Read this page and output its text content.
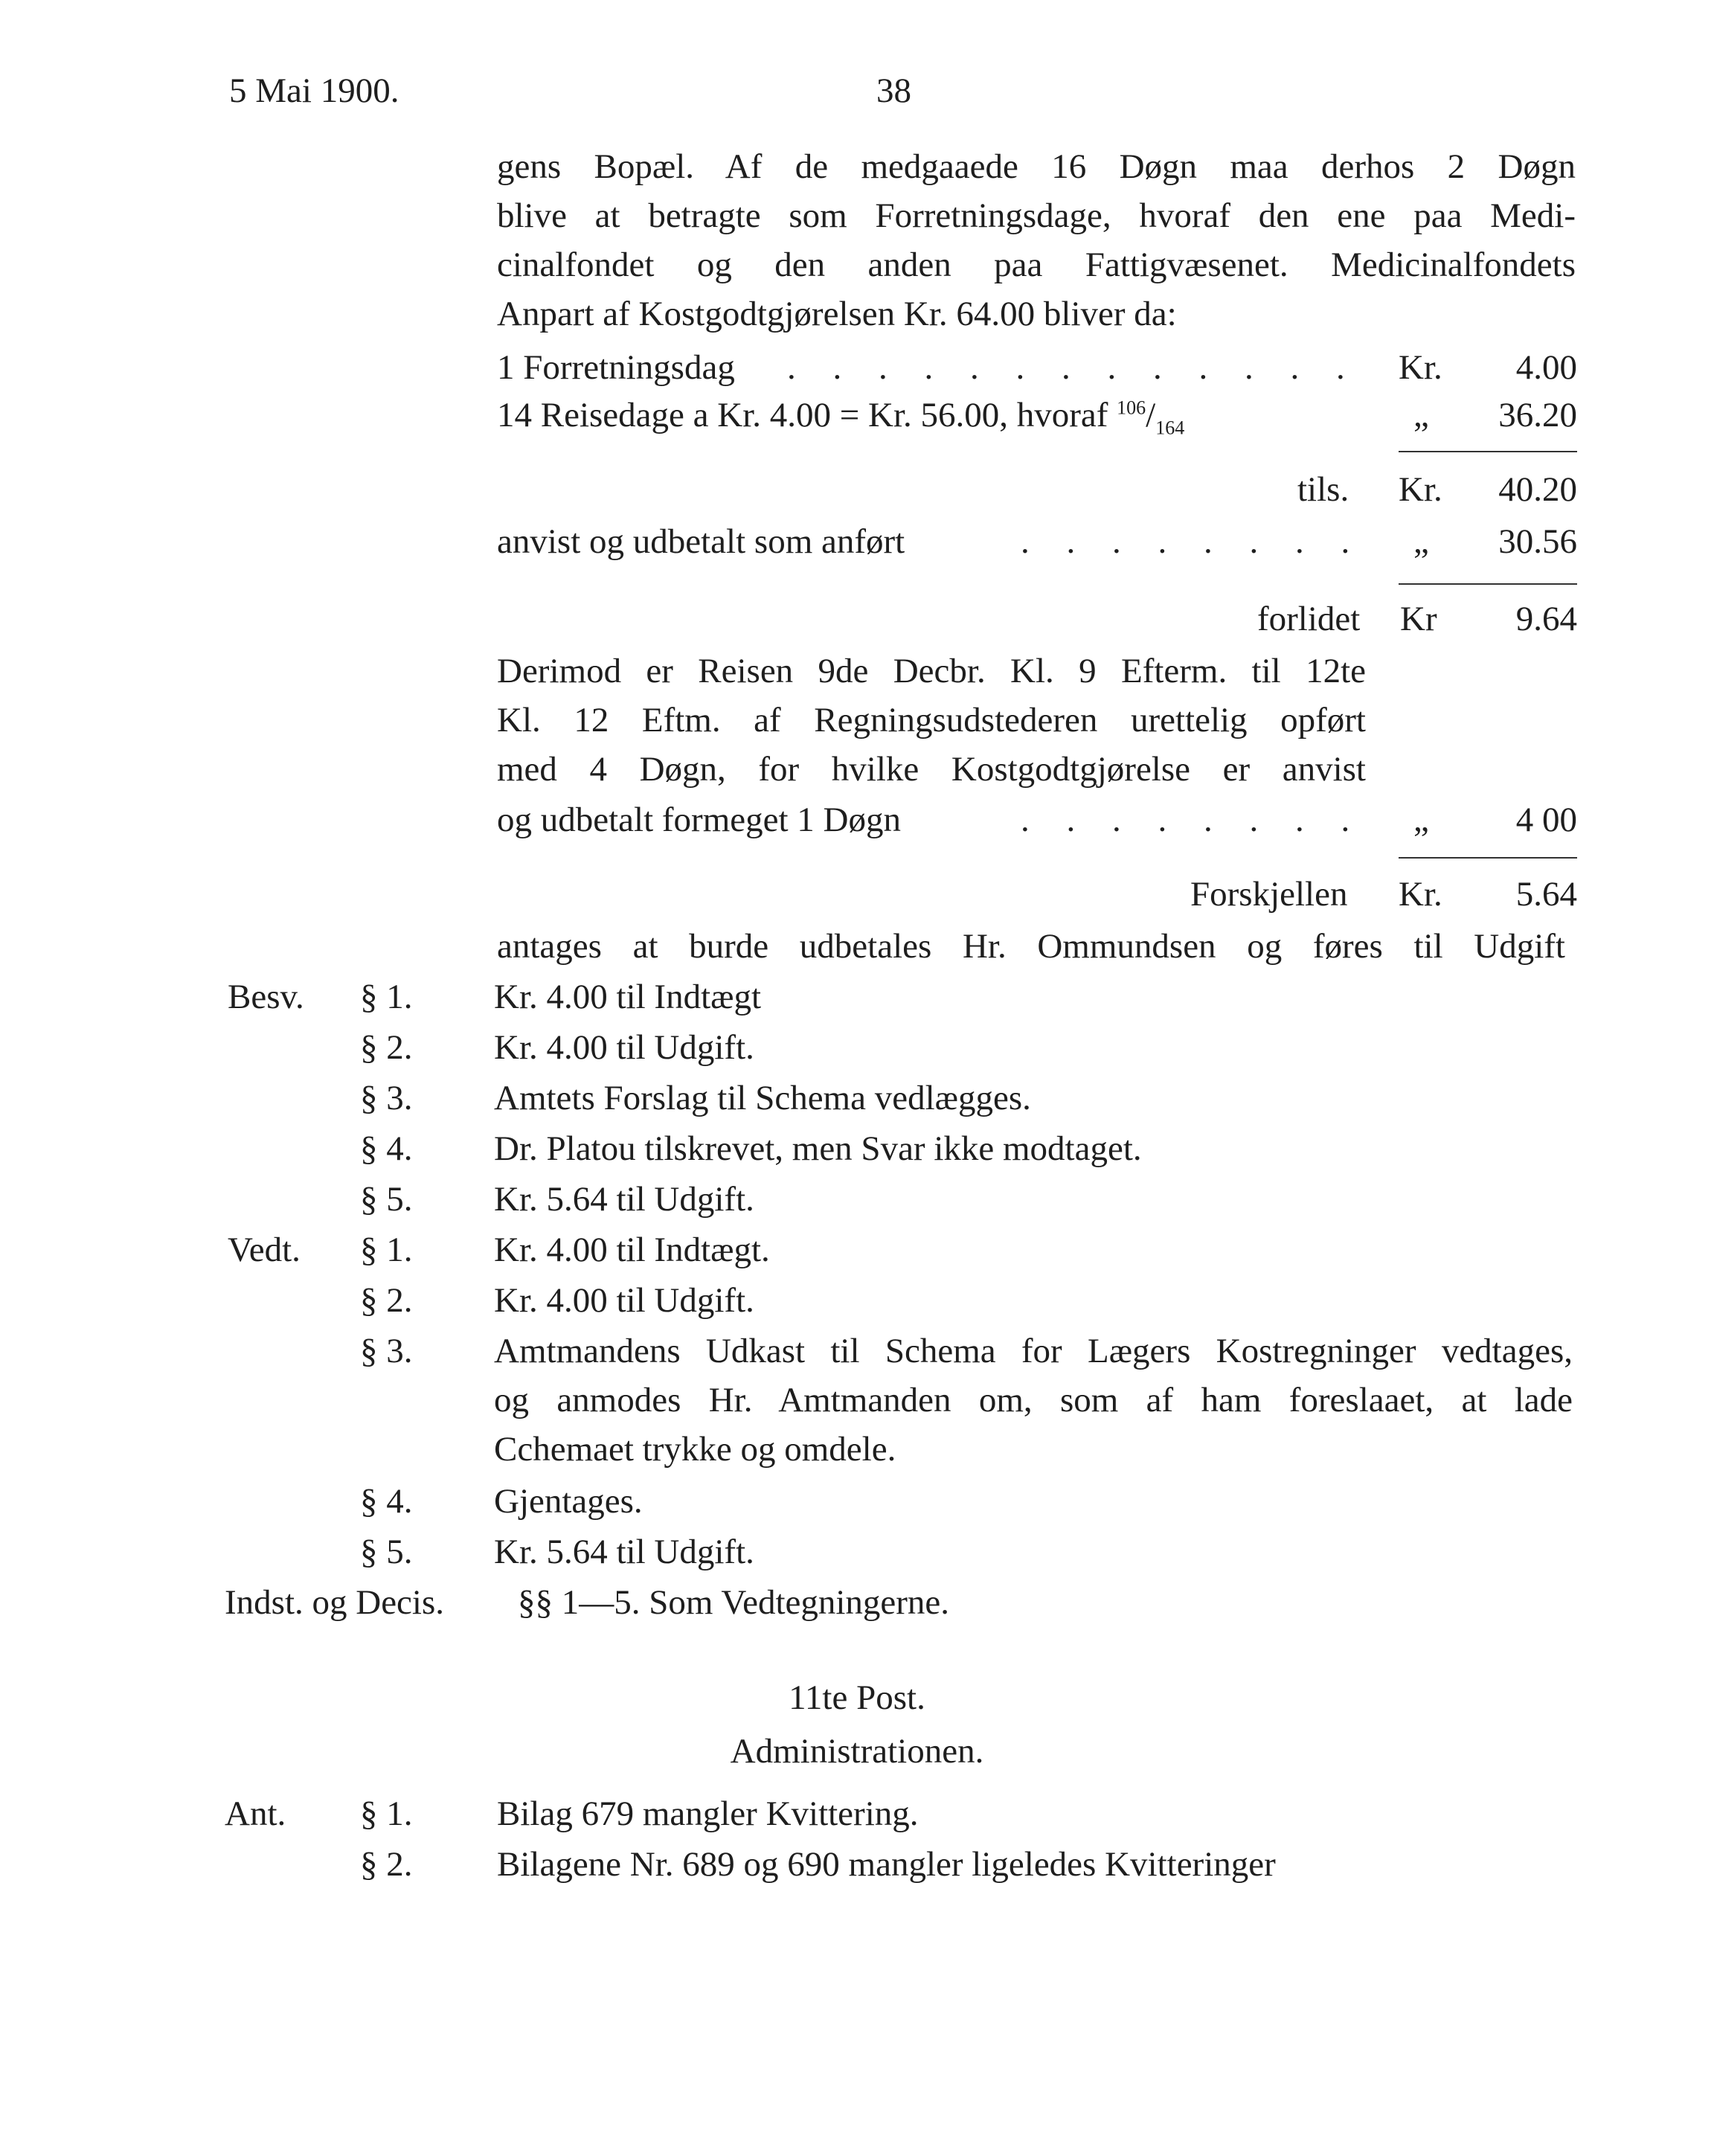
5 Mai 1900.	38
gens Bopæl. Af de medgaaede 16 Døgn maa derhos 2 Døgn
blive at betragte som Forretningsdage, hvoraf den ene paa Medi-
cinalfondet og den anden paa Fattigvæsenet. Medicinalfondets
Anpart af Kostgodtgjørelsen Kr. 64.00 bliver da:
1 Forretningsdag . . . . . . . . . . . . . Kr.	4.00
14 Reisedage a Kr. 4.00 = Kr. 56.00, hvoraf $^{106}/_{164}$	„	36.20
tils. Kr.	40.20
anvist og udbetalt som anført	. . . . . . . . „	30.56
forlidet Kr	9.64
Derimod er Reisen 9de Decbr. Kl. 9 Efterm. til 12te
Kl. 12 Eftm. af Regningsudstederen urettelig opført
med 4 Døgn, for hvilke Kostgodtgjørelse er anvist
og udbetalt formeget 1 Døgn	. . . . . . . . „	4 00
Forskjellen Kr.	5.64
antages at burde udbetales Hr. Ommundsen og føres til Udgift
Besv. § 1. Kr. 4.00 til Indtægt
§ 2. Kr. 4.00 til Udgift.
§ 3. Amtets Forslag til Schema vedlægges.
§ 4. Dr. Platou tilskrevet, men Svar ikke modtaget.
§ 5. Kr. 5.64 til Udgift.
Vedt. § 1. Kr. 4.00 til Indtægt.
§ 2. Kr. 4.00 til Udgift.
§ 3. Amtmandens Udkast til Schema for Lægers Kostregninger vedtages,
og anmodes Hr. Amtmanden om, som af ham foreslaaet, at lade
Cchemaet trykke og omdele.
§ 4. Gjentages.
§ 5. Kr. 5.64 til Udgift.
Indst. og Decis. §§ 1—5. Som Vedtegningerne.
11te Post.
Administrationen.
Ant. § 1. Bilag 679 mangler Kvittering.
§ 2. Bilagene Nr. 689 og 690 mangler ligeledes Kvitteringer
